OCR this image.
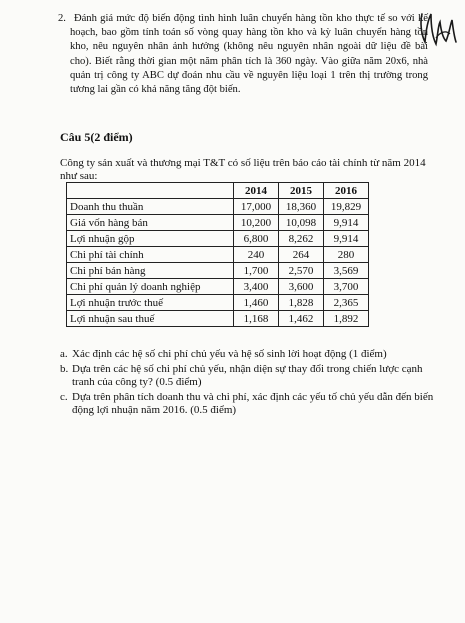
2. Đánh giá mức độ biến động tình hình luân chuyển hàng tồn kho thực tế so với kế hoạch, bao gồm tính toán số vòng quay hàng tồn kho và kỳ luân chuyển hàng tồn kho, nêu nguyên nhân ảnh hưởng (không nêu nguyên nhân ngoài dữ liệu đề bài cho). Biết rằng thời gian một năm phân tích là 360 ngày. Vào giữa năm 20x6, nhà quản trị công ty ABC dự đoán nhu cầu về nguyên liệu loại 1 trên thị trường trong tương lai gần có khả năng tăng đột biến.
Câu 5(2 điểm)
Công ty sản xuất và thương mại T&T có số liệu trên báo cáo tài chính từ năm 2014 như sau:
	2014	2015	2016
Doanh thu thuần	17,000	18,360	19,829
Giá vốn hàng bán	10,200	10,098	9,914
Lợi nhuận gộp	6,800	8,262	9,914
Chi phí tài chính	240	264	280
Chi phí bán hàng	1,700	2,570	3,569
Chi phí quản lý doanh nghiệp	3,400	3,600	3,700
Lợi nhuận trước thuế	1,460	1,828	2,365
Lợi nhuận sau thuế	1,168	1,462	1,892
a. Xác định các hệ số chi phí chủ yếu và hệ số sinh lời hoạt động (1 điểm)
b. Dựa trên các hệ số chi phí chủ yếu, nhận diện sự thay đổi trong chiến lược cạnh tranh của công ty? (0.5 điểm)
c. Dựa trên phân tích doanh thu và chi phí, xác định các yếu tố chủ yếu dẫn đến biến động lợi nhuận năm 2016. (0.5 điểm)
